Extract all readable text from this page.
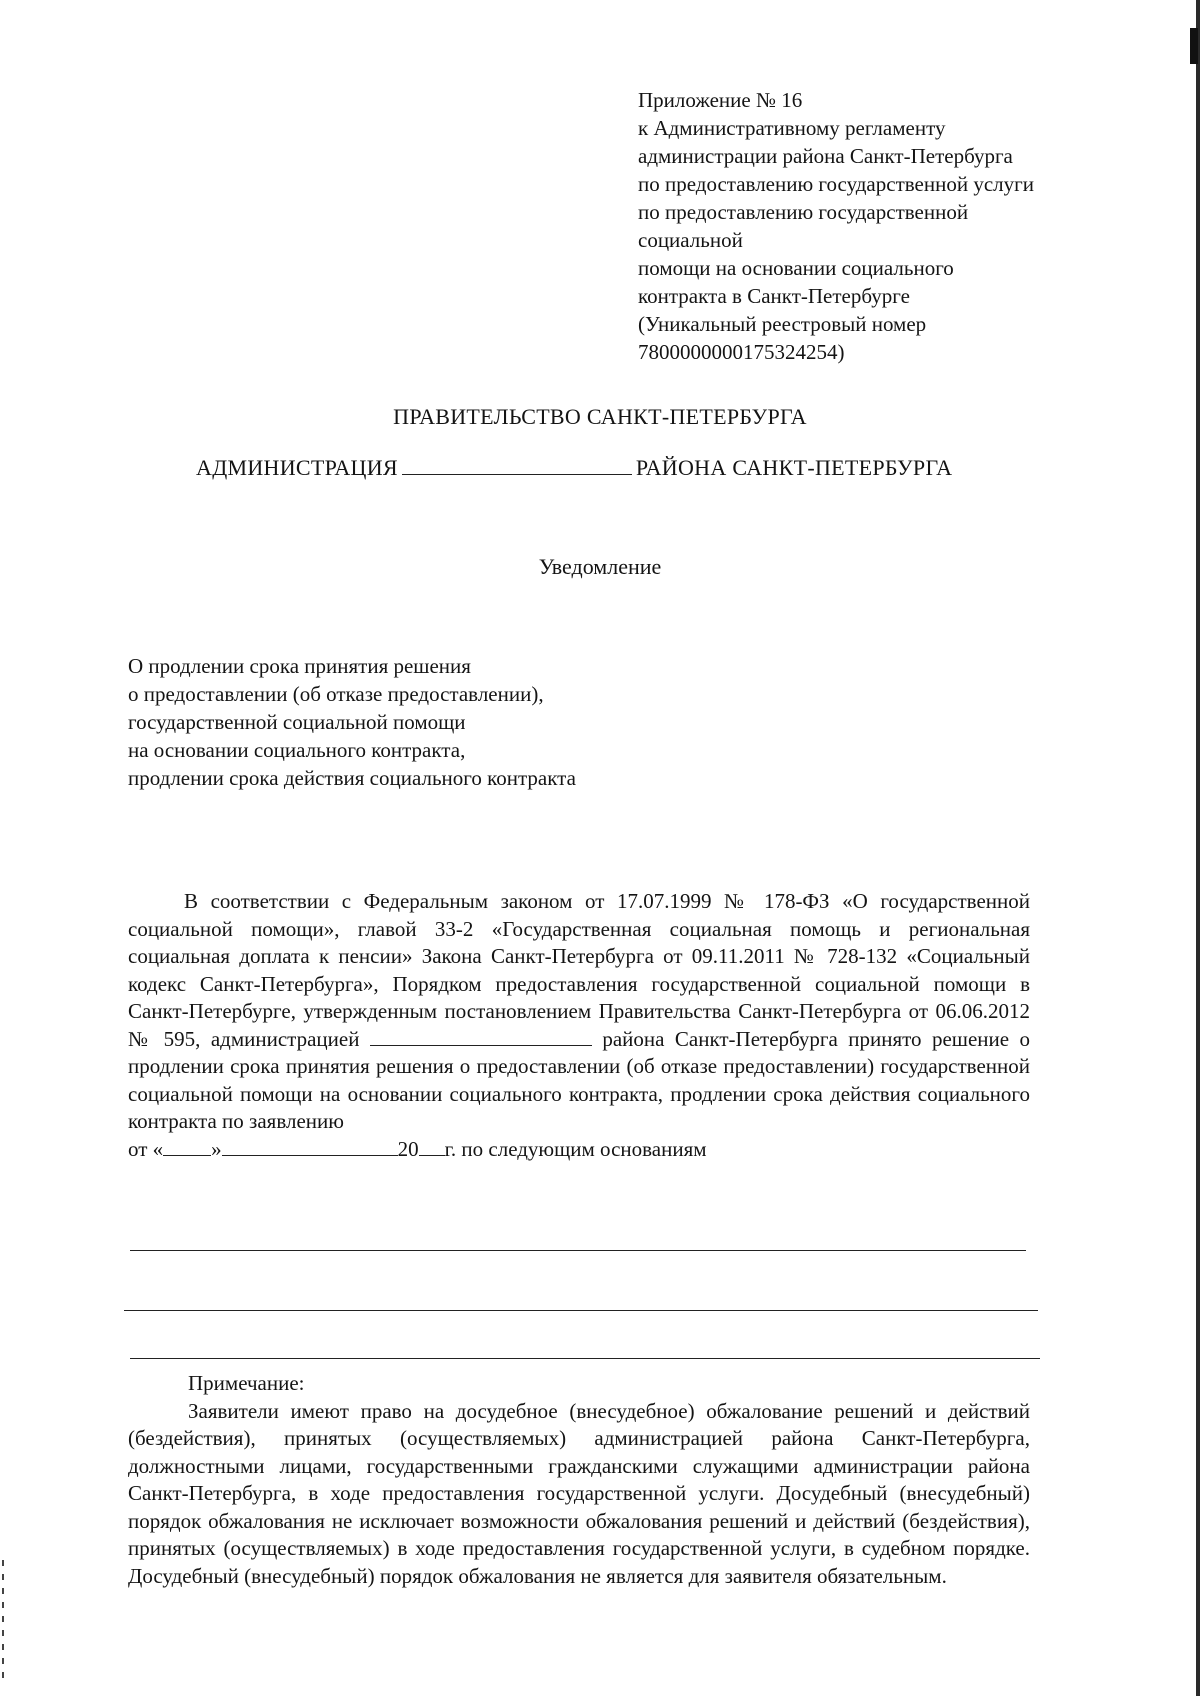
Приложение № 16
к Административному регламенту
администрации района Санкт-Петербурга
по предоставлению государственной услуги
по предоставлению государственной
социальной
помощи на основании социального
контракта в Санкт-Петербурге
(Уникальный реестровый номер
7800000000175324254)
ПРАВИТЕЛЬСТВО САНКТ-ПЕТЕРБУРГА
АДМИНИСТРАЦИЯ	РАЙОНА САНКТ-ПЕТЕРБУРГА
Уведомление
О продлении срока принятия решения
о предоставлении (об отказе предоставлении),
государственной социальной помощи
на основании социального контракта,
продлении срока действия социального контракта
В соответствии с Федеральным законом от 17.07.1999 № 178-ФЗ «О государственной социальной помощи», главой 33-2 «Государственная социальная помощь и региональная социальная доплата к пенсии» Закона Санкт-Петербурга от 09.11.2011 № 728-132 «Социальный кодекс Санкт-Петербурга», Порядком предоставления государственной социальной помощи в Санкт-Петербурге, утвержденным постановлением Правительства Санкт-Петербурга от 06.06.2012 № 595, администрацией	района Санкт-Петербурга принято решение о продлении срока принятия решения о предоставлении (об отказе предоставлении) государственной социальной помощи на основании социального контракта, продлении срока действия социального контракта по заявлению
от « »	20 г. по следующим основаниям
Примечание:
Заявители имеют право на досудебное (внесудебное) обжалование решений и действий (бездействия), принятых (осуществляемых) администрацией района Санкт-Петербурга, должностными лицами, государственными гражданскими служащими администрации района Санкт-Петербурга, в ходе предоставления государственной услуги. Досудебный (внесудебный) порядок обжалования не исключает возможности обжалования решений и действий (бездействия), принятых (осуществляемых) в ходе предоставления государственной услуги, в судебном порядке. Досудебный (внесудебный) порядок обжалования не является для заявителя обязательным.
